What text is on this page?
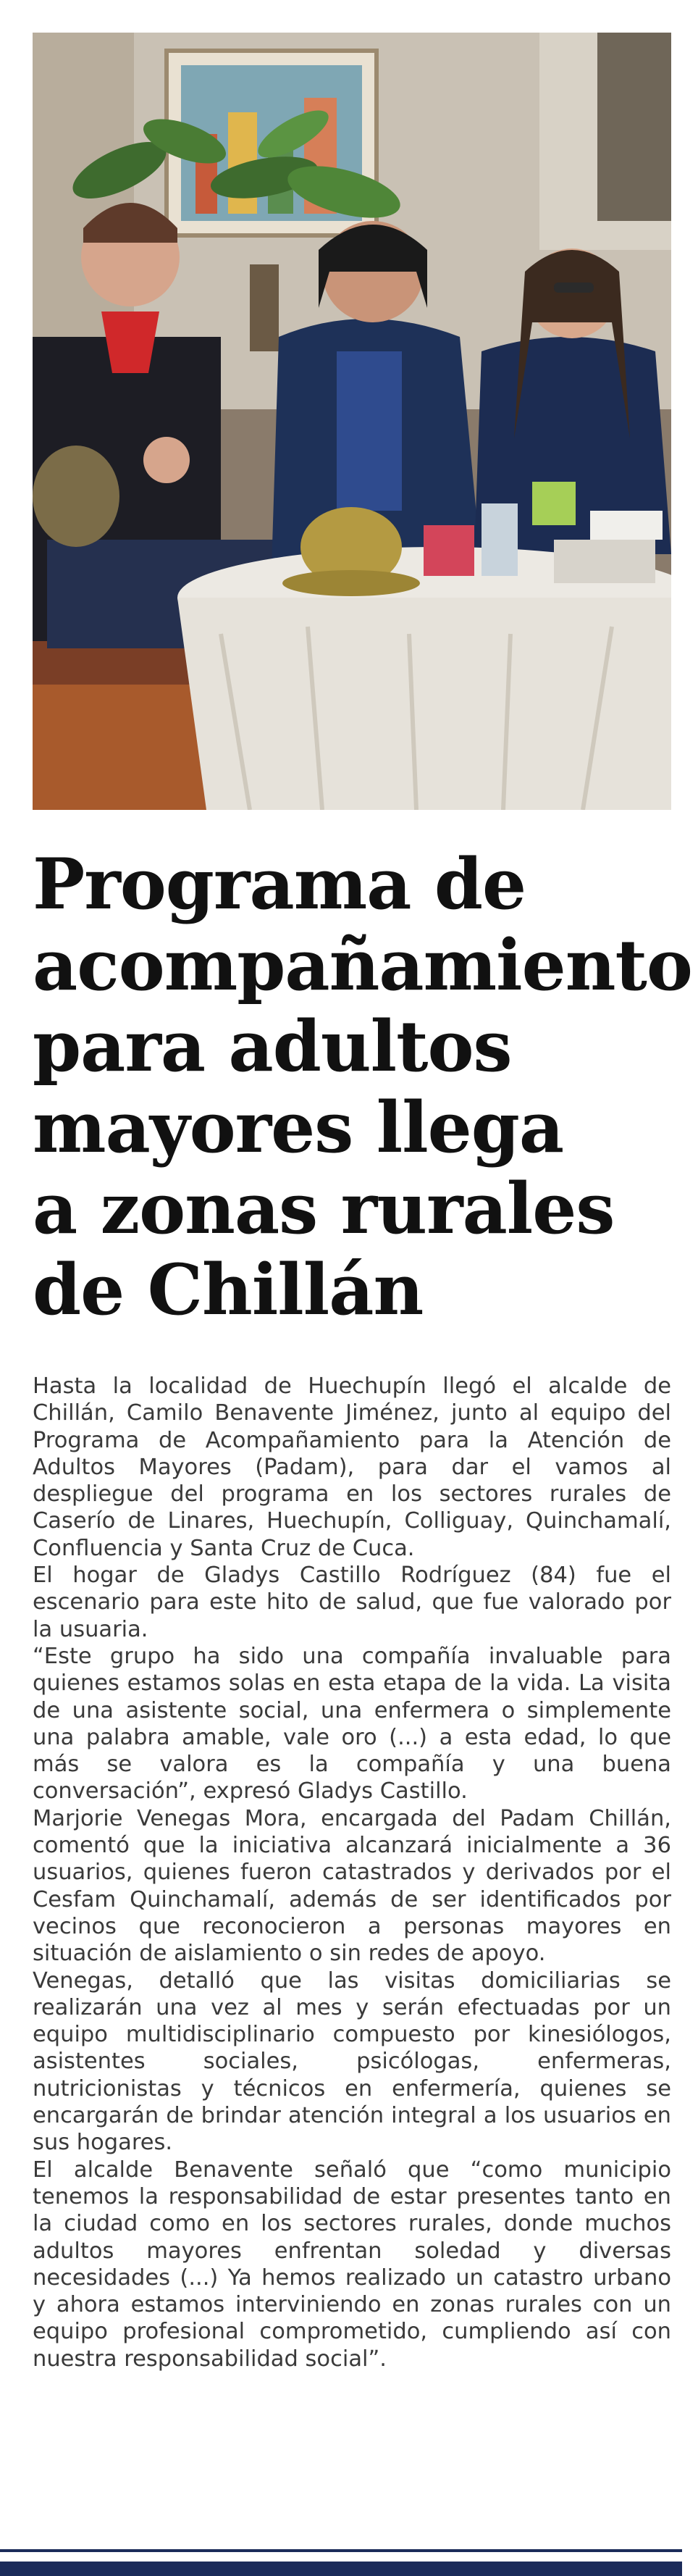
Programa de
acompañamiento
para adultos
mayores llega
a zonas rurales
de Chillán

Hasta la localidad de Huechupín llegó el alcalde de Chillán, Camilo Benavente Jiménez, junto al equipo del Programa de Acompañamiento para la Atención de Adultos Mayores (Padam), para dar el vamos al despliegue del programa en los sectores rurales de Caserío de Linares, Huechupín, Colliguay, Quinchamalí, Confluencia y Santa Cruz de Cuca.

El hogar de Gladys Castillo Rodríguez (84) fue el escenario para este hito de salud, que fue valorado por la usuaria.

“Este grupo ha sido una compañía invaluable para quienes estamos solas en esta etapa de la vida. La visita de una asistente social, una enfermera o simplemente una palabra amable, vale oro (...) a esta edad, lo que más se valora es la compañía y una buena conversación”, expresó Gladys Castillo.

Marjorie Venegas Mora, encargada del Padam Chillán, comentó que la iniciativa alcanzará inicialmente a 36 usuarios, quienes fueron catastrados y derivados por el Cesfam Quinchamalí, además de ser identificados por vecinos que reconocieron a personas mayores en situación de aislamiento o sin redes de apoyo.

Venegas, detalló que las visitas domiciliarias se realizarán una vez al mes y serán efectuadas por un equipo multidisciplinario compuesto por kinesiólogos, asistentes sociales, psicólogas, enfermeras, nutricionistas y técnicos en enfermería, quienes se encargarán de brindar atención integral a los usuarios en sus hogares.

El alcalde Benavente señaló que “como municipio tenemos la responsabilidad de estar presentes tanto en la ciudad como en los sectores rurales, donde muchos adultos mayores enfrentan soledad y diversas necesidades (...) Ya hemos realizado un catastro urbano y ahora estamos interviniendo en zonas rurales con un equipo profesional comprometido, cumpliendo así con nuestra responsabilidad social”.
